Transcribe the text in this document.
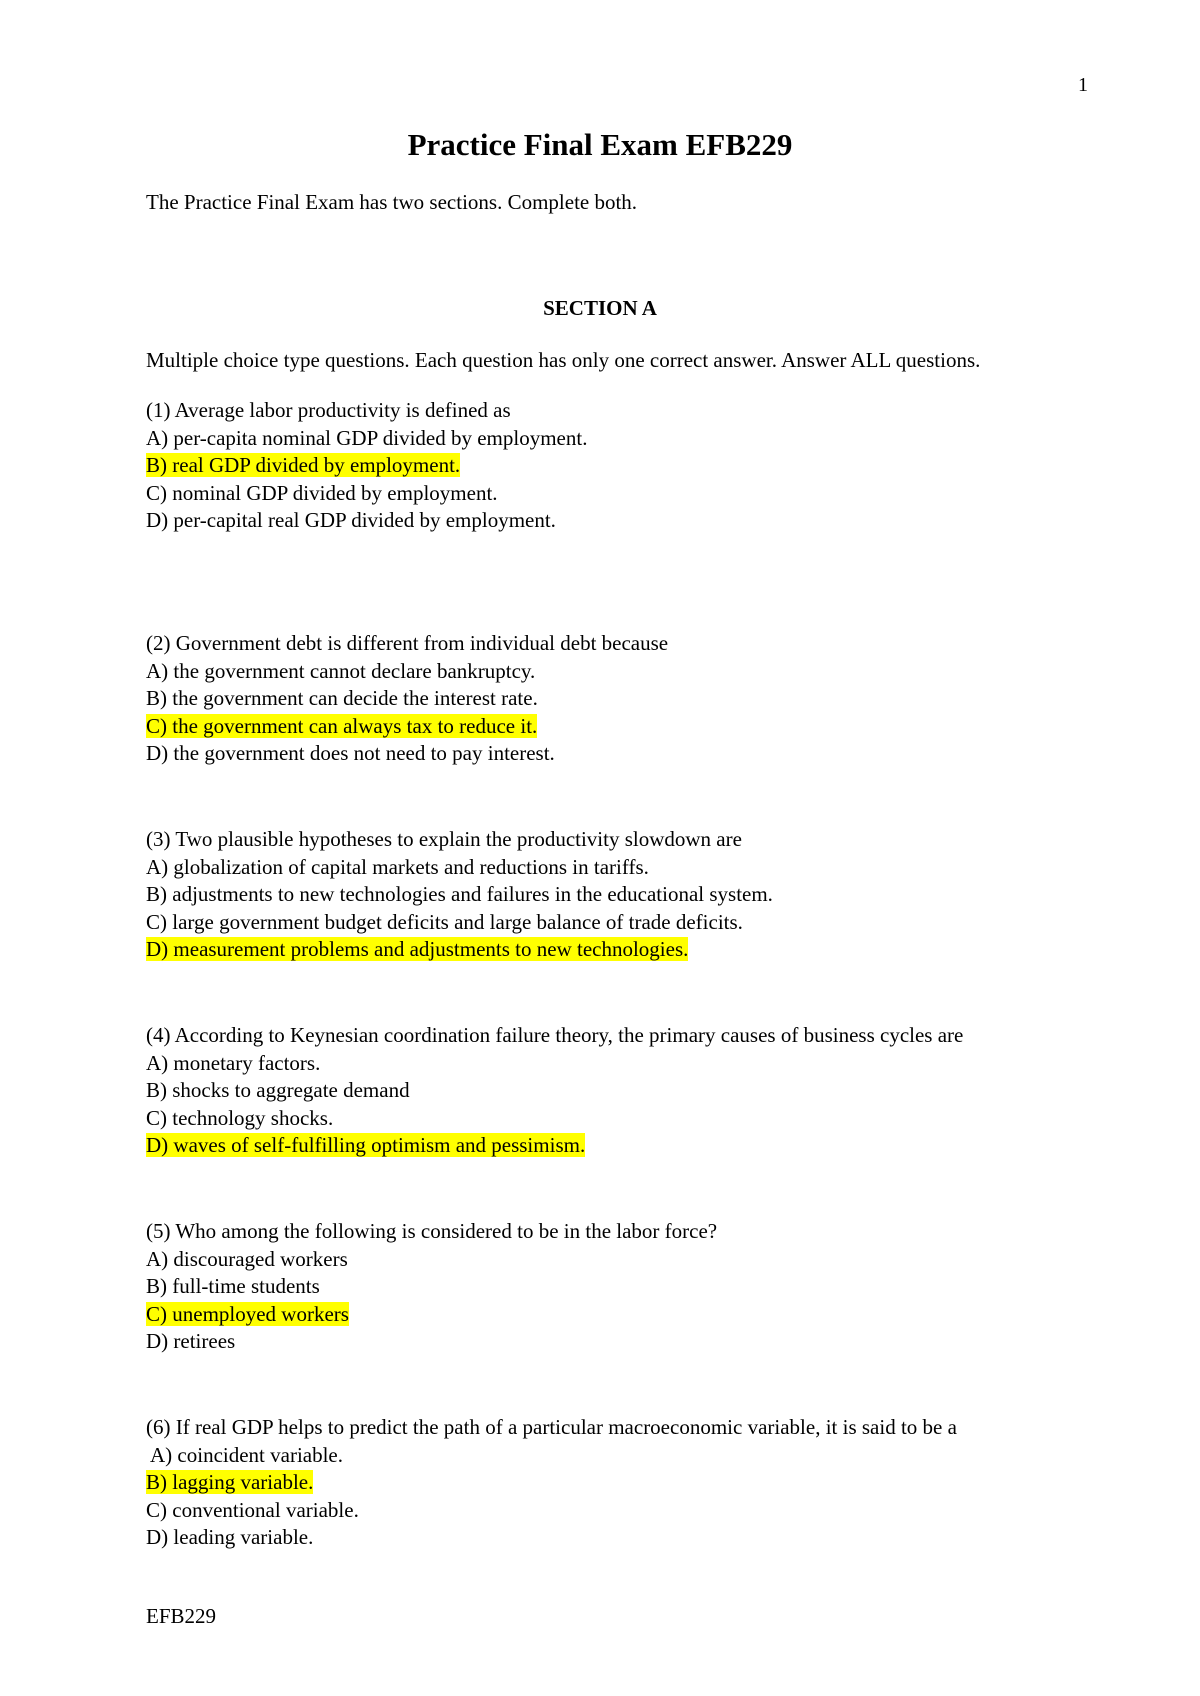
1
Practice Final Exam EFB229
The Practice Final Exam has two sections. Complete both.
SECTION A
Multiple choice type questions. Each question has only one correct answer. Answer ALL questions.
(1) Average labor productivity is defined as
A) per-capita nominal GDP divided by employment.
B) real GDP divided by employment.
C) nominal GDP divided by employment.
D) per-capital real GDP divided by employment.
(2) Government debt is different from individual debt because
A) the government cannot declare bankruptcy.
B) the government can decide the interest rate.
C) the government can always tax to reduce it.
D) the government does not need to pay interest.
(3) Two plausible hypotheses to explain the productivity slowdown are
A) globalization of capital markets and reductions in tariffs.
B) adjustments to new technologies and failures in the educational system.
C) large government budget deficits and large balance of trade deficits.
D) measurement problems and adjustments to new technologies.
(4) According to Keynesian coordination failure theory, the primary causes of business cycles are
A) monetary factors.
B) shocks to aggregate demand
C) technology shocks.
D) waves of self-fulfilling optimism and pessimism.
(5) Who among the following is considered to be in the labor force?
A) discouraged workers
B) full-time students
C) unemployed workers
D) retirees
(6) If real GDP helps to predict the path of a particular macroeconomic variable, it is said to be a
A) coincident variable.
B) lagging variable.
C) conventional variable.
D) leading variable.
EFB229
